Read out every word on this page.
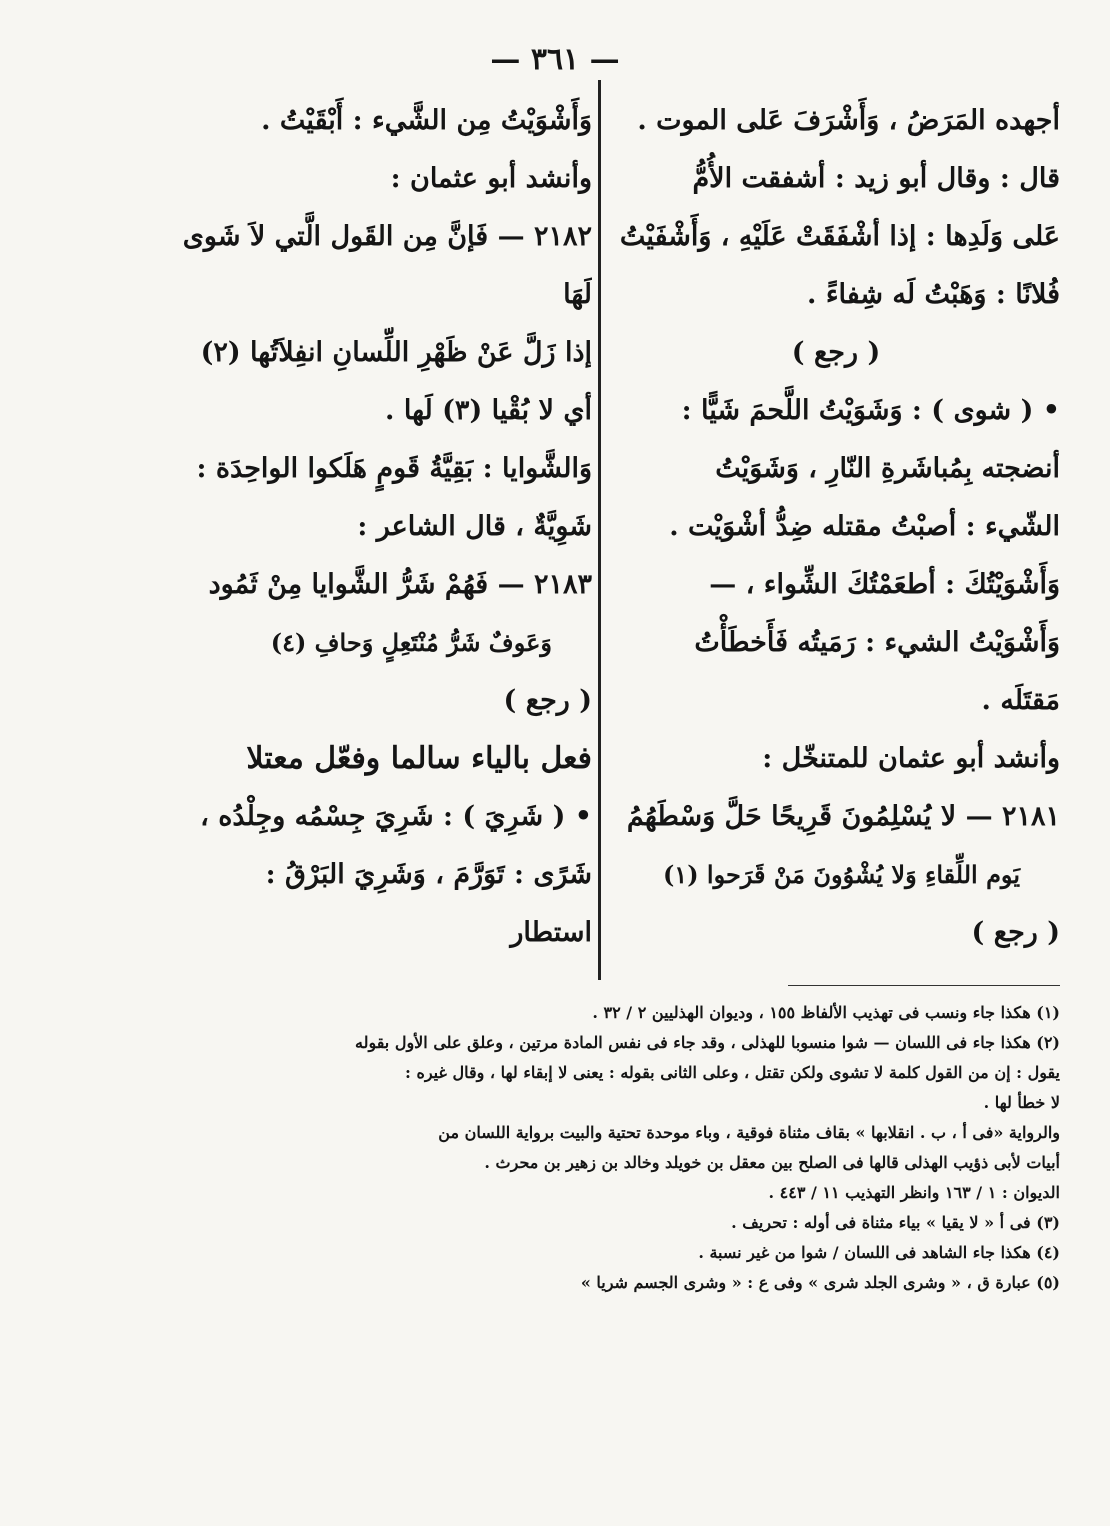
— ٣٦١ —

أجهده المَرَضُ ، وَأَشْرَفَ عَلى الموت .

قال : وقال أبو زيد : أشفقت الأُمُّ

عَلى وَلَدِها : إذا أشْفَقَتْ عَلَيْهِ ، وَأَشْفَيْتُ

فُلانًا : وَهَبْتُ لَه شِفاءً .

( رجع )

• ( شوى ) : وَشَوَيْتُ اللَّحمَ شَيًّا :

أنضجته بِمُباشَرةِ النّارِ ، وَشَوَيْتُ

الشّيء : أصبْتُ مقتله ضِدُّ أشْوَيْت .

وَأَشْوَيْتُكَ : أطعَمْتُكَ الشِّواء ، —

وَأَشْوَيْتُ الشيء : رَمَيتُه فَأَخطَأْتُ

مَقتَلَه .

وأنشد أبو عثمان للمتنخّل :

٢١٨١ — لا يُسْلِمُونَ قَرِيحًا حَلَّ وَسْطَهُمُ

يَوم اللِّقاءِ وَلا يُشْوُونَ مَنْ قَرَحوا (١)

( رجع )

وَأَشْوَيْتُ مِن الشَّيء : أَبْقَيْتُ .

وأنشد أبو عثمان :

٢١٨٢ — فَإنَّ مِن القَول الَّتي لاَ شَوى لَهَا

إذا زَلَّ عَنْ ظَهْرِ اللِّسانِ انفِلاَتُها (٢)

أي لا بُقْيا (٣) لَها .

وَالشَّوايا : بَقِيَّةُ قَومٍ هَلَكوا الواحِدَة :

شَوِيَّةٌ ، قال الشاعر :

٢١٨٣ — فَهُمْ شَرُّ الشَّوايا مِنْ ثَمُود

وَعَوفٌ شَرُّ مُنْتَعِلٍ وَحافِ (٤)

( رجع )

فعل بالياء سالما وفعّل معتلا

• ( شَرِيَ ) : شَرِيَ جِسْمُه وجِلْدُه ،

شَرًى : تَوَرَّمَ ، وَشَرِيَ البَرْقُ : استطار

(١) هكذا جاء ونسب فى تهذيب الألفاظ ١٥٥ ، وديوان الهذليين ٢ / ٣٢ .

(٢) هكذا جاء فى اللسان — شوا منسوبا للهذلى ، وقد جاء فى نفس المادة مرتين ، وعلق على الأول بقوله

يقول : إن من القول كلمة لا تشوى ولكن تقتل ، وعلى الثانى بقوله : يعنى لا إبقاء لها ، وقال غيره :

لا خطأ لها .

والرواية «فى أ ، ب . انقلابها » بقاف مثناة فوقية ، وباء موحدة تحتية والبيت برواية اللسان من

أبيات لأبى ذؤيب الهذلى قالها فى الصلح بين معقل بن خويلد وخالد بن زهير بن محرث .

الديوان : ١ / ١٦٣ وانظر التهذيب ١١ / ٤٤٣ .

(٣) فى أ « لا يقيا » بياء مثناة فى أوله : تحريف .

(٤) هكذا جاء الشاهد فى اللسان / شوا من غير نسبة .

(٥) عبارة ق ، « وشرى الجلد شرى » وفى ع : « وشرى الجسم شريا »
